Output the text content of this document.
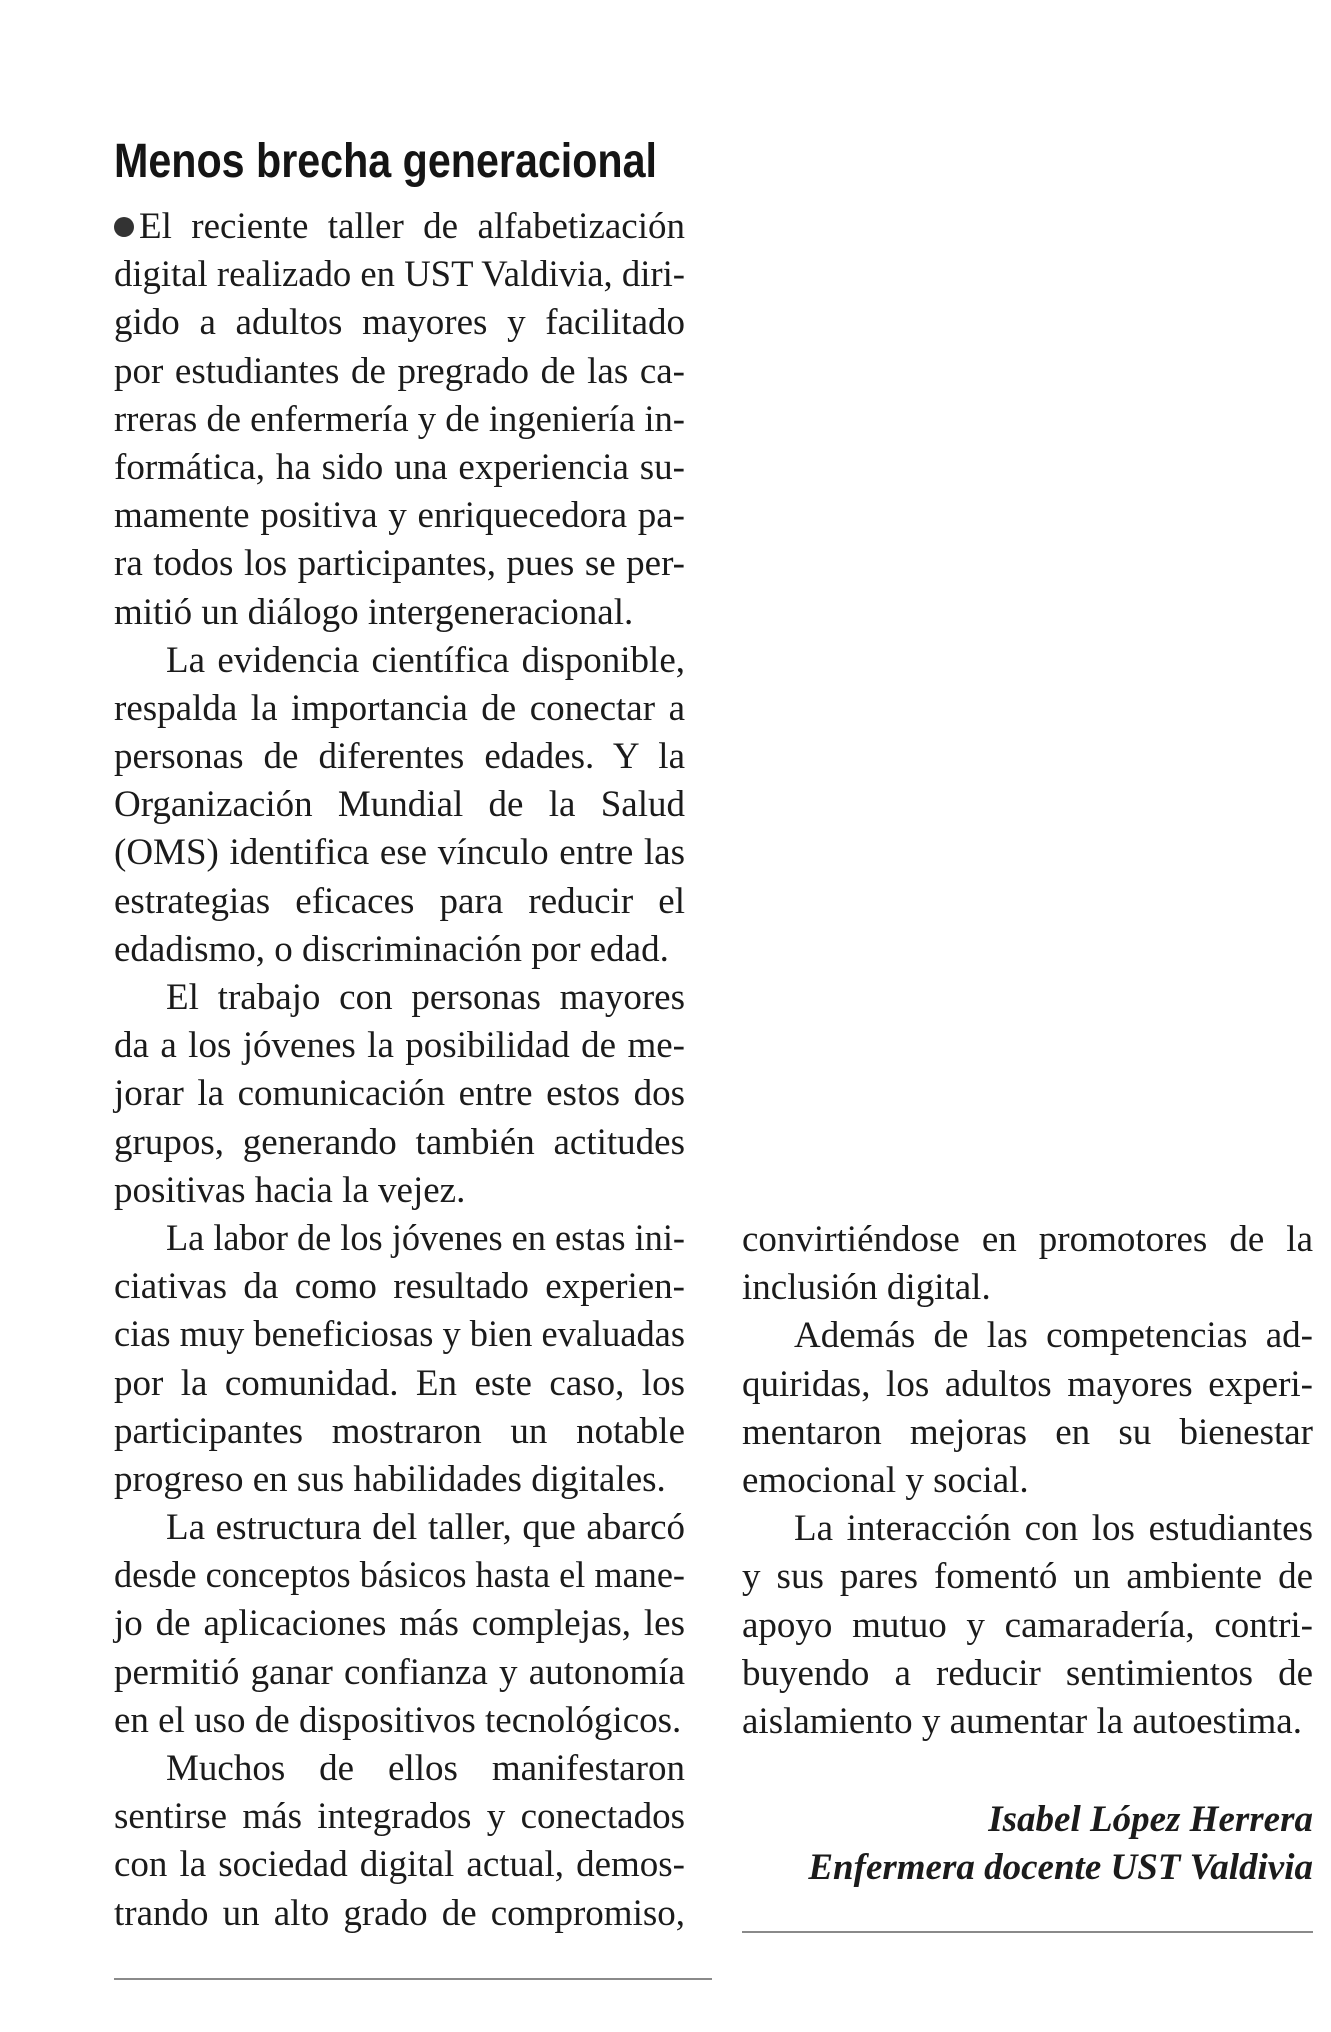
Menos brecha generacional
El reciente taller de alfabetización
digital realizado en UST Valdivia, diri-
gido a adultos mayores y facilitado
por estudiantes de pregrado de las ca-
rreras de enfermería y de ingeniería in-
formática, ha sido una experiencia su-
mamente positiva y enriquecedora pa-
ra todos los participantes, pues se per-
mitió un diálogo intergeneracional.
La evidencia científica disponible,
respalda la importancia de conectar a
personas de diferentes edades. Y la
Organización Mundial de la Salud
(OMS) identifica ese vínculo entre las
estrategias eficaces para reducir el
edadismo, o discriminación por edad.
El trabajo con personas mayores
da a los jóvenes la posibilidad de me-
jorar la comunicación entre estos dos
grupos, generando también actitudes
positivas hacia la vejez.
La labor de los jóvenes en estas ini-
ciativas da como resultado experien-
cias muy beneficiosas y bien evaluadas
por la comunidad. En este caso, los
participantes mostraron un notable
progreso en sus habilidades digitales.
La estructura del taller, que abarcó
desde conceptos básicos hasta el mane-
jo de aplicaciones más complejas, les
permitió ganar confianza y autonomía
en el uso de dispositivos tecnológicos.
Muchos de ellos manifestaron
sentirse más integrados y conectados
con la sociedad digital actual, demos-
trando un alto grado de compromiso,
convirtiéndose en promotores de la
inclusión digital.
Además de las competencias ad-
quiridas, los adultos mayores experi-
mentaron mejoras en su bienestar
emocional y social.
La interacción con los estudiantes
y sus pares fomentó un ambiente de
apoyo mutuo y camaradería, contri-
buyendo a reducir sentimientos de
aislamiento y aumentar la autoestima.
Isabel López Herrera
Enfermera docente UST Valdivia
